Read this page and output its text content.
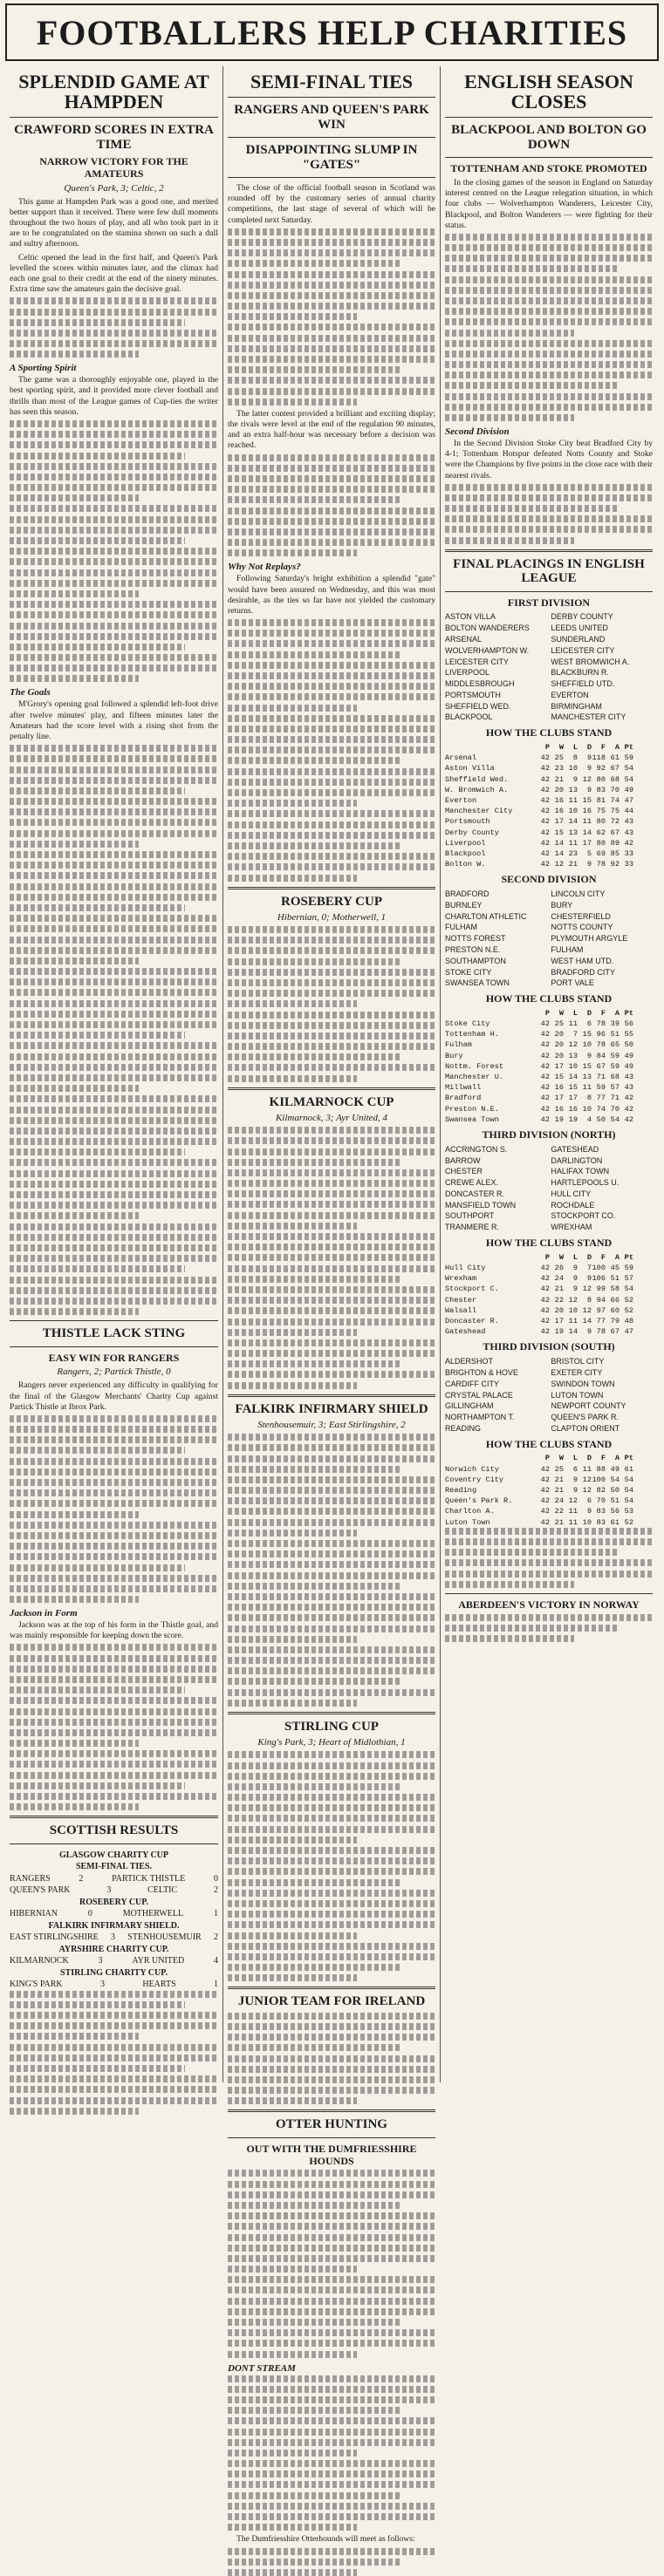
FOOTBALLERS HELP CHARITIES
SPLENDID GAME AT HAMPDEN
CRAWFORD SCORES IN EXTRA TIME
NARROW VICTORY FOR THE AMATEURS
Queen's Park, 3; Celtic, 2

This game at Hampden Park was a good one, and merited better support than it received. There were few dull moments throughout the two hours of play, and all who took part in it are to be congratulated on the stamina shown on such a dull and sultry afternoon.

Celtic opened the lead in the first half, and Queen's Park levelled the scores within minutes later, and the climax had each one goal to their credit at the end of the ninety minutes. Extra time saw the amateurs gain the decisive goal.

A Sporting Spirit

The game was a thoroughly enjoyable one, played in the best sporting spirit, and it provided more clever football and thrills than most of the League games of Cup-ties the writer has seen this season.

The Goals

M'Grory's opening goal followed a splendid left-foot drive after twelve minutes' play, and fifteen minutes later the Amateurs had the score level with a rising shot from the penalty line.

THISTLE LACK STING
EASY WIN FOR RANGERS
Rangers, 2; Partick Thistle, 0

Rangers never experienced any difficulty in qualifying for the final of the Glasgow Merchants' Charity Cup against Partick Thistle at Ibrox Park.

Jackson in Form

Jackson was at the top of his form in the Thistle goal, and was mainly responsible for keeping down the score.

SCOTTISH RESULTS
GLASGOW CHARITY CUP
SEMI-FINAL TIES.
RANGERS	2	PARTICK THISTLE	0
QUEEN'S PARK	3	CELTIC	2
ROSEBERY CUP.
HIBERNIAN	0	MOTHERWELL	1
FALKIRK INFIRMARY SHIELD.
EAST STIRLINGSHIRE 3 STENHOUSEMUIR 2
AYRSHIRE CHARITY CUP.
KILMARNOCK	3	AYR UNITED	4
STIRLING CHARITY CUP.
KING'S PARK	3	HEARTS	1
SEMI-FINAL TIES
RANGERS AND QUEEN'S PARK WIN
DISAPPOINTING SLUMP IN "GATES"

The close of the official football season in Scotland was rounded off by the customary series of annual charity competitions, the last stage of several of which will be completed next Saturday.

The latter contest provided a brilliant and exciting display; the rivals were level at the end of the regulation 90 minutes, and an extra half-hour was necessary before a decision was reached.

Why Not Replays?

Following Saturday's bright exhibition a splendid "gate" would have been assured on Wednesday, and this was most desirable, as the ties so far have not yielded the customary returns.

ROSEBERY CUP
Hibernian, 0; Motherwell, 1
KILMARNOCK CUP
Kilmarnock, 3; Ayr United, 4
FALKIRK INFIRMARY SHIELD
Stenhousemuir, 3; East Stirlingshire, 2
STIRLING CUP
King's Park, 3; Heart of Midlothian, 1
JUNIOR TEAM FOR IRELAND
OTTER HUNTING
OUT WITH THE DUMFRIESSHIRE HOUNDS
DONT STREAM

The Dumfriesshire Otterhounds will meet as follows:

ENGLISH SEASON CLOSES
BLACKPOOL AND BOLTON GO DOWN
TOTTENHAM AND STOKE PROMOTED

In the closing games of the season in England on Saturday interest centred on the League relegation situation, in which four clubs — Wolverhampton Wanderers, Leicester City, Blackpool, and Bolton Wanderers — were fighting for their status.

Second Division

In the Second Division Stoke City beat Bradford City by 4-1; Tottenham Hotspur defeated Notts County and Stoke were the Champions by five points in the close race with their nearest rivals.

FINAL PLACINGS IN ENGLISH LEAGUE
FIRST DIVISION
ASTON VILLA	DERBY COUNTY
BOLTON WANDERERS	LEEDS UNITED
ARSENAL	SUNDERLAND
WOLVERHAMPTON W.	LEICESTER CITY
LEICESTER CITY	WEST BROMWICH A.
LIVERPOOL	BLACKBURN R.
MIDDLESBROUGH	SHEFFIELD UTD.
PORTSMOUTH	EVERTON
SHEFFIELD WED.	BIRMINGHAM
BLACKPOOL	MANCHESTER CITY
HOW THE CLUBS STAND
P	W	L	D	F	A Pt
Arsenal	42 25	8	9 118 61 59
Aston Villa	42 23 10	9 92 67 54
Sheffield Wed.	42 21	9 12 80 68 54
W. Bromwich A.	42 20 13	9 83 70 49
Everton	42 16 11 15 81 74 47
Manchester City	42 16 10 16 75 75 44
Portsmouth	42 17 14 11 80 72 43
Derby County	42 15 13 14 62 67 43
Liverpool	42 14 11 17 80 89 42
Blackpool	42 14 23	5 69 85 33
Bolton W.	42 12 21	9 78 92 33
SECOND DIVISION
BRADFORD	LINCOLN CITY
BURNLEY	BURY
CHARLTON ATHLETIC	CHESTERFIELD
FULHAM	NOTTS COUNTY
NOTTS FOREST	PLYMOUTH ARGYLE
PRESTON N.E.	FULHAM
SOUTHAMPTON	WEST HAM UTD.
STOKE CITY	BRADFORD CITY
SWANSEA TOWN	PORT VALE
HOW THE CLUBS STAND
P	W	L	D	F	A Pt
Stoke City	42 25 11	6 78 39 56
Tottenham H.	42 20	7 15 96 51 55
Fulham	42 20 12 10 78 65 50
Bury	42 20 13	9 84 59 49
Nottm. Forest	42 17 10 15 67 59 49
Manchester U.	42 15 14 13 71 68 43
Millwall	42 16 15 11 59 57 43
Bradford	42 17 17	8 77 71 42
Preston N.E.	42 16 16 10 74 70 42
Swansea Town	42 19 19	4 50 54 42
THIRD DIVISION (NORTH)
ACCRINGTON S.	GATESHEAD
BARROW	DARLINGTON
CHESTER	HALIFAX TOWN
CREWE ALEX.	HARTLEPOOLS U.
DONCASTER R.	HULL CITY
MANSFIELD TOWN	ROCHDALE
SOUTHPORT	STOCKPORT CO.
TRANMERE R.	WREXHAM
HOW THE CLUBS STAND
P	W	L	D	F	A Pt
Hull City	42 26	9	7 100 45 59
Wrexham	42 24	9	9 106 51 57
Stockport C.	42 21	9 12 99 58 54
Chester	42 22 12	8 94 66 52
Walsall	42 20 10 12 97 60 52
Doncaster R.	42 17 11 14 77 79 48
Gateshead	42 19 14	9 78 67 47
THIRD DIVISION (SOUTH)
ALDERSHOT	BRISTOL CITY
BRIGHTON & HOVE	EXETER CITY
CARDIFF CITY	SWINDON TOWN
CRYSTAL PALACE	LUTON TOWN
GILLINGHAM	NEWPORT COUNTY
NORTHAMPTON T.	QUEEN'S PARK R.
READING	CLAPTON ORIENT
HOW THE CLUBS STAND
P	W	L	D	F	A Pt
Norwich City	42 25	6 11 88 49 61
Coventry City	42 21	9 12 100 54 54
Reading	42 21	9 12 82 50 54
Queen's Park R.	42 24 12	6 70 51 54
Charlton A.	42 22 11	9 83 56 53
Luton Town	42 21 11 10 83 61 52
ABERDEEN'S VICTORY IN NORWAY
